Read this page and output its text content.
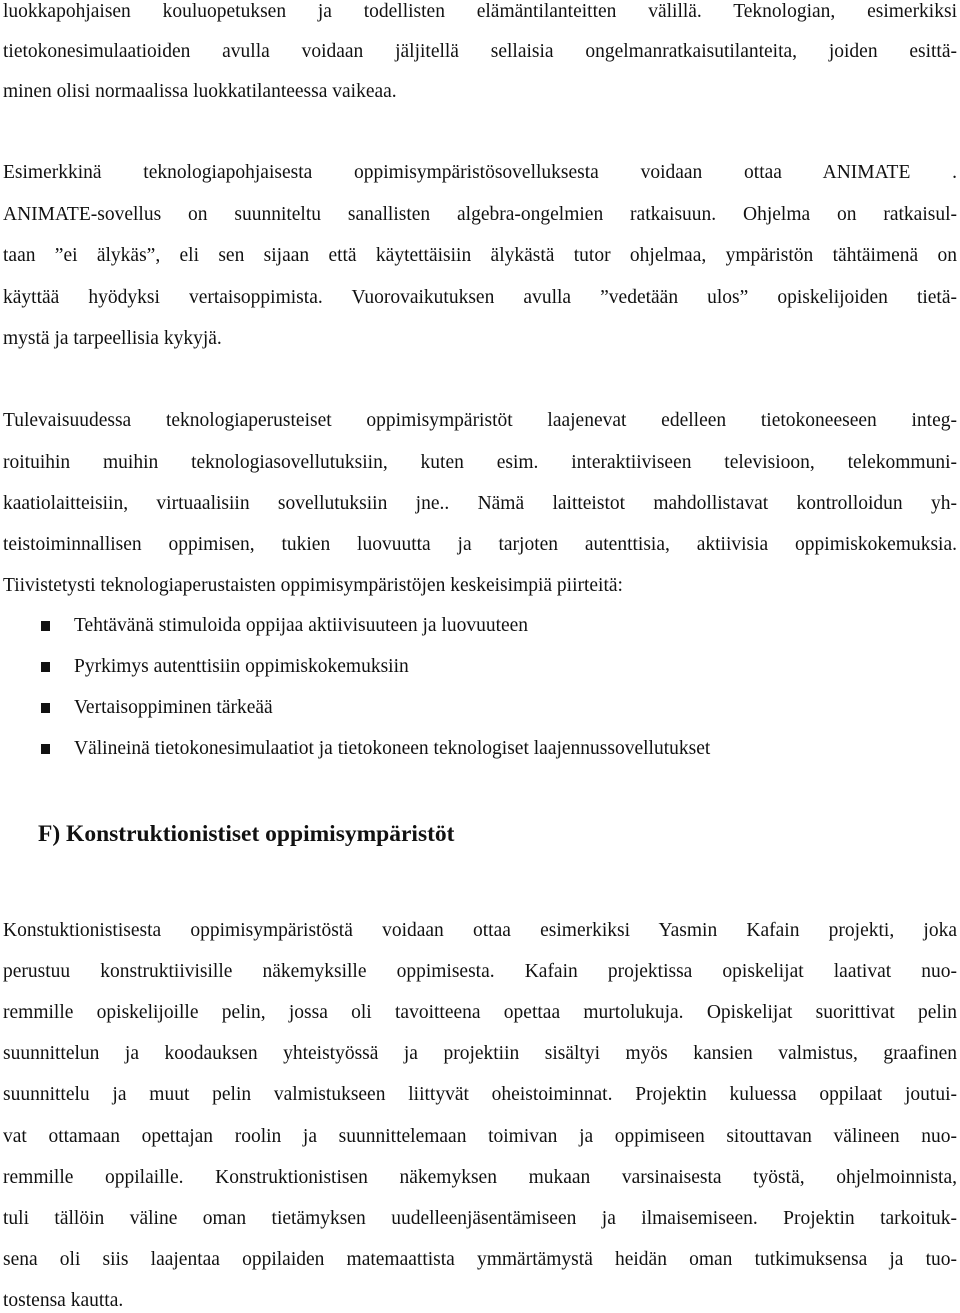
luokkapohjaisen kouluopetuksen ja todellisten elämäntilanteitten välillä. Teknologian, esimerkiksi
tietokonesimulaatioiden avulla voidaan jäljitellä sellaisia ongelmanratkaisutilanteita, joiden esittä-
minen olisi normaalissa luokkatilanteessa vaikeaa.
Esimerkkinä teknologiapohjaisesta oppimisympäristösovelluksesta voidaan ottaa ANIMATE .
ANIMATE-sovellus on suunniteltu sanallisten algebra-ongelmien ratkaisuun. Ohjelma on ratkaisul-
taan ”ei älykäs”, eli sen sijaan että käytettäisiin älykästä tutor ohjelmaa, ympäristön tähtäimenä on
käyttää hyödyksi vertaisoppimista. Vuorovaikutuksen avulla ”vedetään ulos” opiskelijoiden tietä-
mystä ja tarpeellisia kykyjä.
Tulevaisuudessa teknologiaperusteiset oppimisympäristöt laajenevat edelleen tietokoneeseen integ-
roituihin muihin teknologiasovellutuksiin, kuten esim. interaktiiviseen televisioon, telekommuni-
kaatiolaitteisiin, virtuaalisiin sovellutuksiin jne.. Nämä laitteistot mahdollistavat kontrolloidun yh-
teistoiminnallisen oppimisen, tukien luovuutta ja tarjoten autenttisia, aktiivisia oppimiskokemuksia.
Tiivistetysti teknologiaperustaisten oppimisympäristöjen keskeisimpiä piirteitä:
Tehtävänä stimuloida oppijaa aktiivisuuteen ja luovuuteen
Pyrkimys autenttisiin oppimiskokemuksiin
Vertaisoppiminen tärkeää
Välineinä tietokonesimulaatiot ja tietokoneen teknologiset laajennussovellutukset
F) Konstruktionistiset oppimisympäristöt
Konstuktionistisesta oppimisympäristöstä voidaan ottaa esimerkiksi Yasmin Kafain projekti, joka
perustuu konstruktiivisille näkemyksille oppimisesta. Kafain projektissa opiskelijat laativat nuo-
remmille opiskelijoille pelin, jossa oli tavoitteena opettaa murtolukuja. Opiskelijat suorittivat pelin
suunnittelun ja koodauksen yhteistyössä ja projektiin sisältyi myös kansien valmistus, graafinen
suunnittelu ja muut pelin valmistukseen liittyvät oheistoiminnat. Projektin kuluessa oppilaat joutui-
vat ottamaan opettajan roolin ja suunnittelemaan toimivan ja oppimiseen sitouttavan välineen nuo-
remmille oppilaille. Konstruktionistisen näkemyksen mukaan varsinaisesta työstä, ohjelmoinnista,
tuli tällöin väline oman tietämyksen uudelleenjäsentämiseen ja ilmaisemiseen. Projektin tarkoituk-
sena oli siis laajentaa oppilaiden matemaattista ymmärtämystä heidän oman tutkimuksensa ja tuo-
tostensa kautta.
